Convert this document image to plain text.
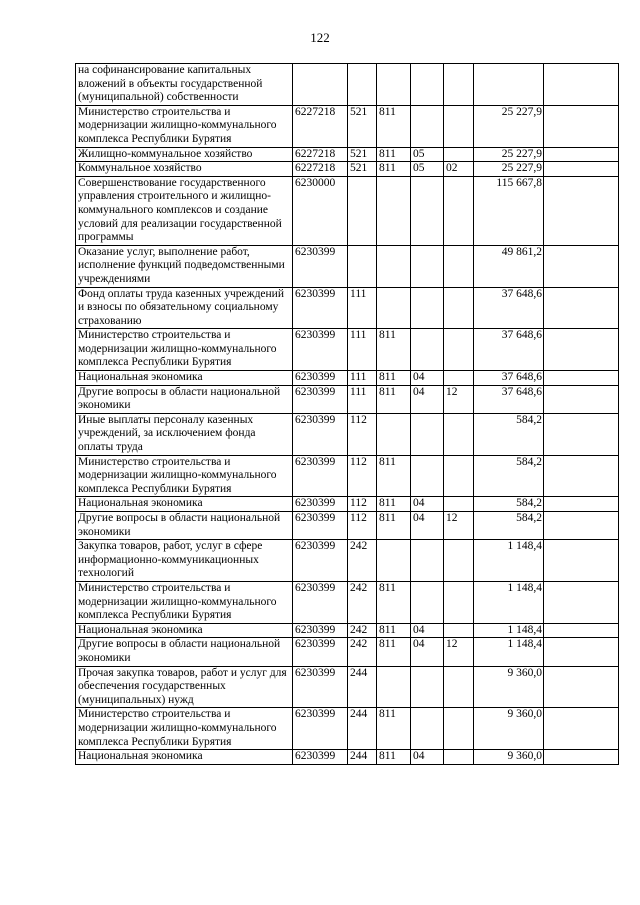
122
на софинансирование капитальных вложений в объекты государственной (муниципальной) собственности							
Министерство строительства и модернизации жилищно-коммунального комплекса Республики Бурятия	6227218	521	811			25 227,9	
Жилищно-коммунальное хозяйство	6227218	521	811	05		25 227,9	
Коммунальное хозяйство	6227218	521	811	05	02	25 227,9	
Совершенствование государственного управления строительного и жилищно-коммунального комплексов и создание условий для реализации государственной программы	6230000					115 667,8	
Оказание услуг, выполнение работ, исполнение функций подведомственными учреждениями	6230399					49 861,2	
Фонд оплаты труда казенных учреждений и взносы по обязательному социальному страхованию	6230399	111				37 648,6	
Министерство строительства и модернизации жилищно-коммунального комплекса Республики Бурятия	6230399	111	811			37 648,6	
Национальная экономика	6230399	111	811	04		37 648,6	
Другие вопросы в области национальной экономики	6230399	111	811	04	12	37 648,6	
Иные выплаты персоналу казенных учреждений, за исключением фонда оплаты труда	6230399	112				584,2	
Министерство строительства и модернизации жилищно-коммунального комплекса Республики Бурятия	6230399	112	811			584,2	
Национальная экономика	6230399	112	811	04		584,2	
Другие вопросы в области национальной экономики	6230399	112	811	04	12	584,2	
Закупка товаров, работ, услуг в сфере информационно-коммуникационных технологий	6230399	242				1 148,4	
Министерство строительства и модернизации жилищно-коммунального комплекса Республики Бурятия	6230399	242	811			1 148,4	
Национальная экономика	6230399	242	811	04		1 148,4	
Другие вопросы в области национальной экономики	6230399	242	811	04	12	1 148,4	
Прочая закупка товаров, работ и услуг для обеспечения государственных (муниципальных) нужд	6230399	244				9 360,0	
Министерство строительства и модернизации жилищно-коммунального комплекса Республики Бурятия	6230399	244	811			9 360,0	
Национальная экономика	6230399	244	811	04		9 360,0	
